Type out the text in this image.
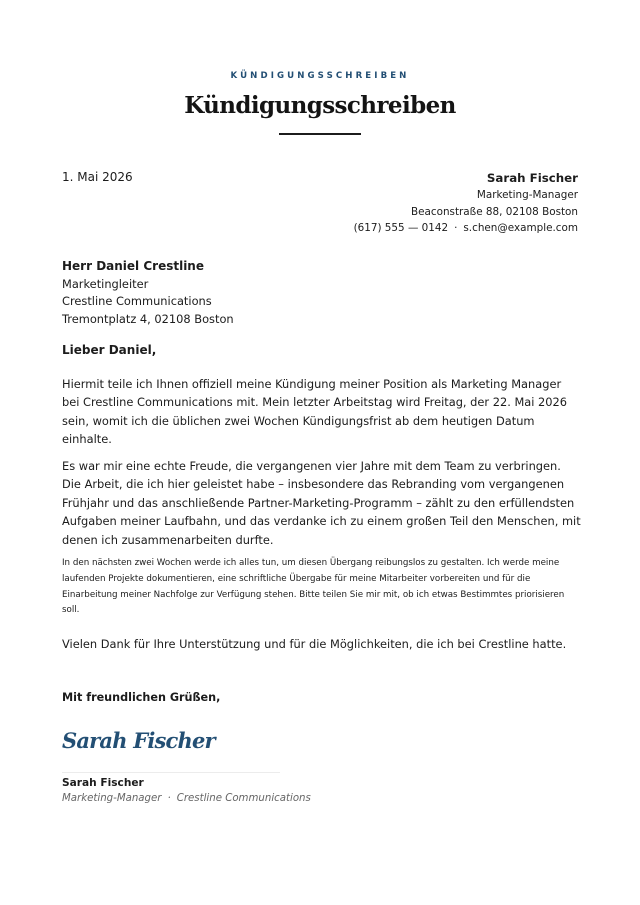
KÜNDIGUNGSSCHREIBEN
Kündigungsschreiben
1. Mai 2026	Sarah Fischer
Marketing-Manager
Beaconstraße 88, 02108 Boston
(617) 555 — 0142 · s.chen@example.com
Herr Daniel Crestline
Marketingleiter
Crestline Communications
Tremontplatz 4, 02108 Boston
Lieber Daniel,

Hiermit teile ich Ihnen offiziell meine Kündigung meiner Position als Marketing Manager bei Crestline Communications mit. Mein letzter Arbeitstag wird Freitag, der 22. Mai 2026 sein, womit ich die üblichen zwei Wochen Kündigungsfrist ab dem heutigen Datum einhalte.

Es war mir eine echte Freude, die vergangenen vier Jahre mit dem Team zu verbringen. Die Arbeit, die ich hier geleistet habe – insbesondere das Rebranding vom vergangenen Frühjahr und das anschließende Partner-Marketing-Programm – zählt zu den erfüllendsten Aufgaben meiner Laufbahn, und das verdanke ich zu einem großen Teil den Menschen, mit denen ich zusammenarbeiten durfte.

In den nächsten zwei Wochen werde ich alles tun, um diesen Übergang reibungslos zu gestalten. Ich werde meine laufenden Projekte dokumentieren, eine schriftliche Übergabe für meine Mitarbeiter vorbereiten und für die Einarbeitung meiner Nachfolge zur Verfügung stehen. Bitte teilen Sie mir mit, ob ich etwas Bestimmtes priorisieren soll.

Vielen Dank für Ihre Unterstützung und für die Möglichkeiten, die ich bei Crestline hatte.

Mit freundlichen Grüßen,
Sarah Fischer
Sarah Fischer
Marketing-Manager · Crestline Communications
